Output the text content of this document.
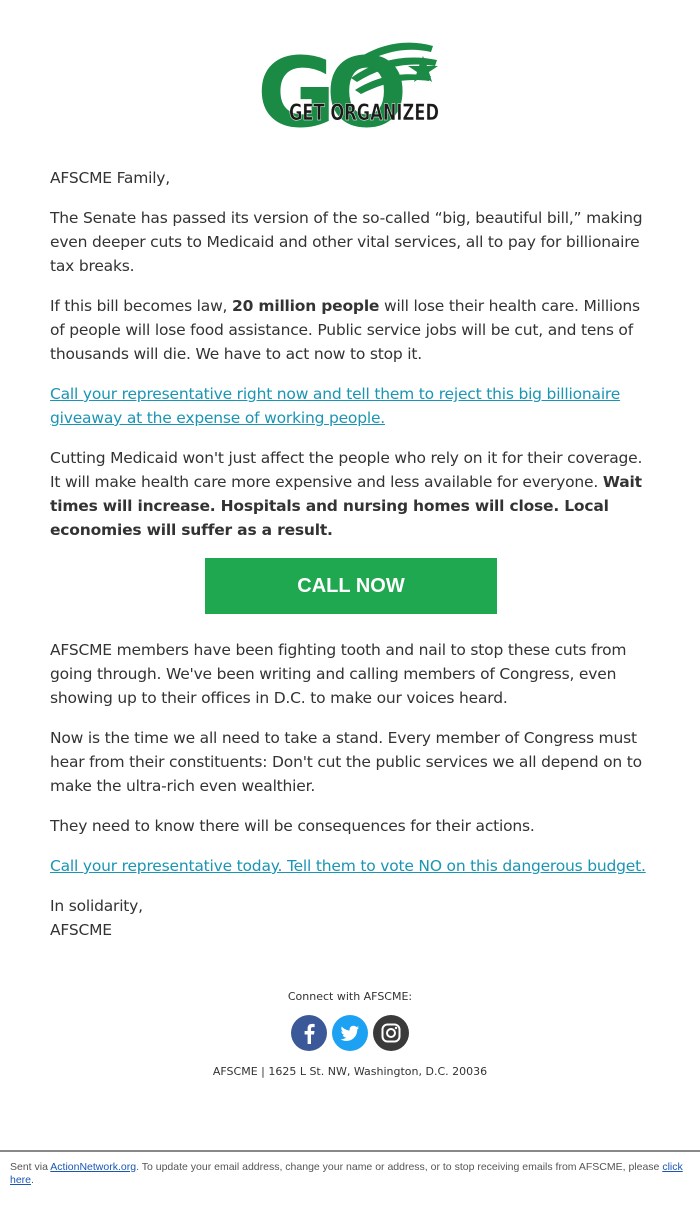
GO
GET ORGANIZED

AFSCME Family,

The Senate has passed its version of the so-called “big, beautiful bill,” making even deeper cuts to Medicaid and other vital services, all to pay for billionaire tax breaks.

If this bill becomes law, 20 million people will lose their health care. Millions of people will lose food assistance. Public service jobs will be cut, and tens of thousands will die. We have to act now to stop it.

Call your representative right now and tell them to reject this big billionaire giveaway at the expense of working people.

Cutting Medicaid won't just affect the people who rely on it for their coverage. It will make health care more expensive and less available for everyone. Wait times will increase. Hospitals and nursing homes will close. Local economies will suffer as a result.

CALL NOW

AFSCME members have been fighting tooth and nail to stop these cuts from going through. We've been writing and calling members of Congress, even showing up to their offices in D.C. to make our voices heard.

Now is the time we all need to take a stand. Every member of Congress must hear from their constituents: Don't cut the public services we all depend on to make the ultra-rich even wealthier.

They need to know there will be consequences for their actions.

Call your representative today. Tell them to vote NO on this dangerous budget.

In solidarity,
AFSCME

Connect with AFSCME:
AFSCME | 1625 L St. NW, Washington, D.C. 20036
Sent via ActionNetwork.org. To update your email address, change your name or address, or to stop receiving emails from AFSCME, please click here.
